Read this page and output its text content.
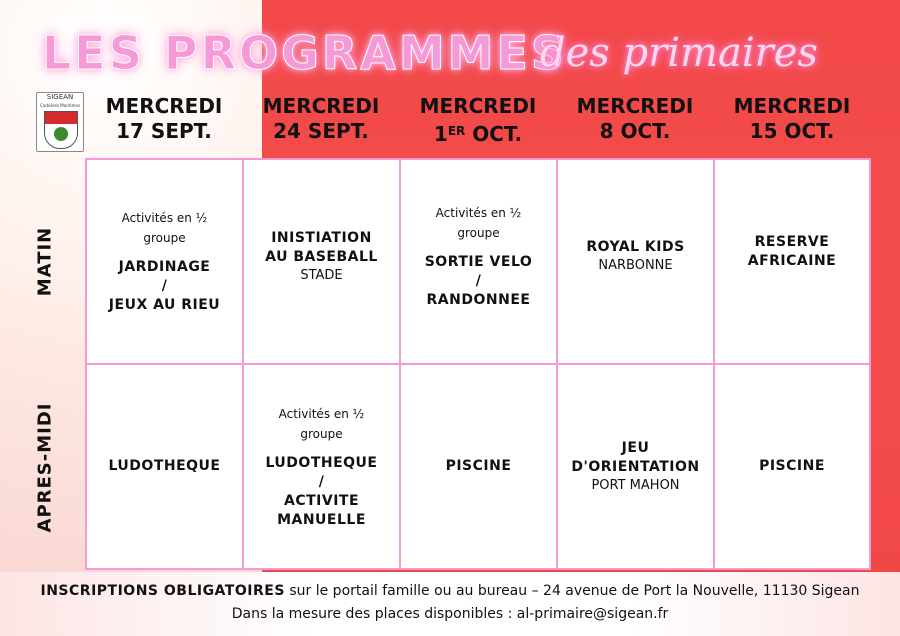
LES PROGRAMMES
des primaires
SIGEAN
Corbières Maritimes	MERCREDI
17 SEPT.
MERCREDI
24 SEPT.
MERCREDI
1ER OCT.
MERCREDI
8 OCT.
MERCREDI
15 OCT.
MATIN
APRES-MIDI
Activités en ½
groupe
JARDINAGE
/
JEUX AU RIEU
INISTIATION
AU BASEBALL
STADE
Activités en ½
groupe
SORTIE VELO
/
RANDONNEE
ROYAL KIDS
NARBONNE
RESERVE
AFRICAINE
LUDOTHEQUE
Activités en ½
groupe
LUDOTHEQUE
/
ACTIVITE
MANUELLE
PISCINE
JEU
D'ORIENTATION
PORT MAHON
PISCINE
INSCRIPTIONS OBLIGATOIRES sur le portail famille ou au bureau – 24 avenue de Port la Nouvelle, 11130 Sigean
Dans la mesure des places disponibles : al-primaire@sigean.fr
